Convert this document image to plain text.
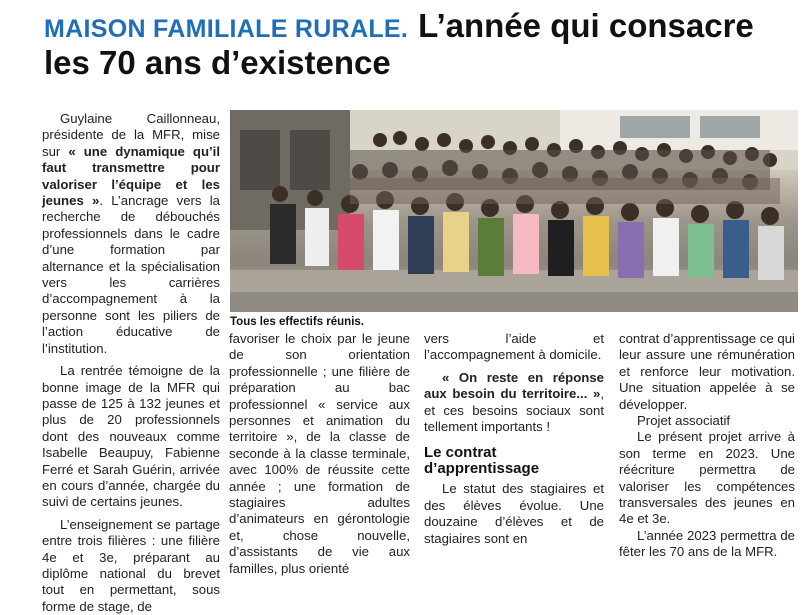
MAISON FAMILIALE RURALE. L’année qui consacre
les 70 ans d’existence

Guylaine Caillonneau, présidente de la MFR, mise sur « une dynamique qu’il faut transmettre pour valoriser l’équipe et les jeunes ». L’ancrage vers la recherche de débouchés professionnels dans le cadre d’une formation par alternance et la spécialisation vers les carrières d’accompagnement à la personne sont les piliers de l’action éducative de l’institution.

La rentrée témoigne de la bonne image de la MFR qui passe de 125 à 132 jeunes et plus de 20 professionnels dont des nouveaux comme Isabelle Beaupuy, Fabienne Ferré et Sarah Guérin, arrivée en cours d’année, chargée du suivi de certains jeunes.

L’enseignement se partage entre trois filières : une filière 4e et 3e, préparant au diplôme national du brevet tout en permettant, sous forme de stage, de

Tous les effectifs réunis.

favoriser le choix par le jeune de son orientation professionnelle ; une filière de préparation au bac professionnel « service aux personnes et animation du territoire », de la classe de seconde à la classe terminale, avec 100% de réussite cette année ; une formation de stagiaires adultes d’animateurs en gérontologie et, chose nouvelle, d’assistants de vie aux familles, plus orienté

vers l’aide et l’accompagnement à domicile.

« On reste en réponse aux besoin du territoire... », et ces besoins sociaux sont tellement importants !

Le contrat d’apprentissage

Le statut des stagiaires et des élèves évolue. Une douzaine d’élèves et de stagiaires sont en

contrat d’apprentissage ce qui leur assure une rémunération et renforce leur motivation. Une situation appelée à se développer.

Projet associatif

Le présent projet arrive à son terme en 2023. Une réécriture permettra de valoriser les compétences transversales des jeunes en 4e et 3e.

L’année 2023 permettra de fêter les 70 ans de la MFR.
